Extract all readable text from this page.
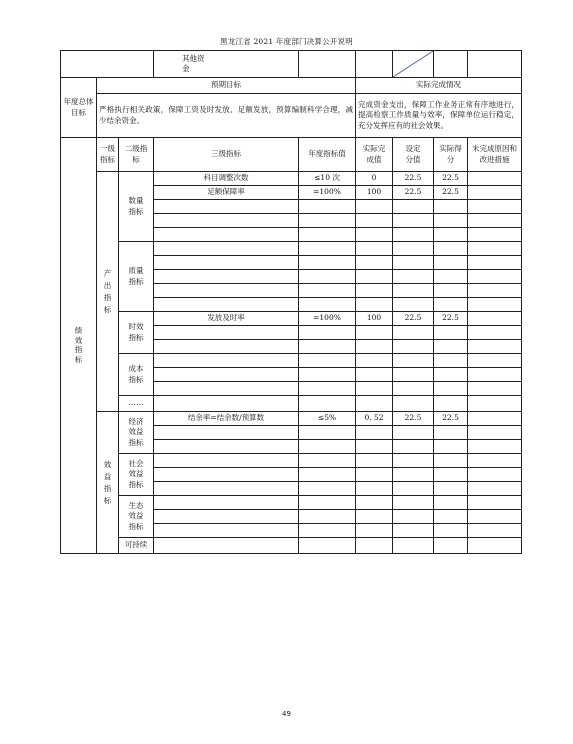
黑龙江省 2021 年度部门决算公开说明
			其他资
金			

年度总体目标	预期目标				实际完成情况			
	严格执行相关政策，保障工资及时发放、足额发放，预算编制科学合理，减少结余资金。				完成资金支出，保障工作业务正常有序地进行，提高检察工作质量与效率，保障单位运行稳定，充分发挥应有的社会效果。			
绩效指标	一级指标	二级指标	三级指标	年度指标值	实际完成值	设定分值	实际得分	未完成原因和改进措施
	产出指标	数量指标	科目调整次数	≤10 次	0	22.5	22.5	
			足额保障率	=100%	100	22.5	22.5	

		质量指标						

		时效指标	发放及时率	=100%	100	22.5	22.5	

		成本指标						

		……						
	效益指标	经济效益指标	结余率=结余数/预算数	≤5%	0. 52	22.5	22.5	

		社会效益指标						

		生态效益指标						

		可持续						
49
